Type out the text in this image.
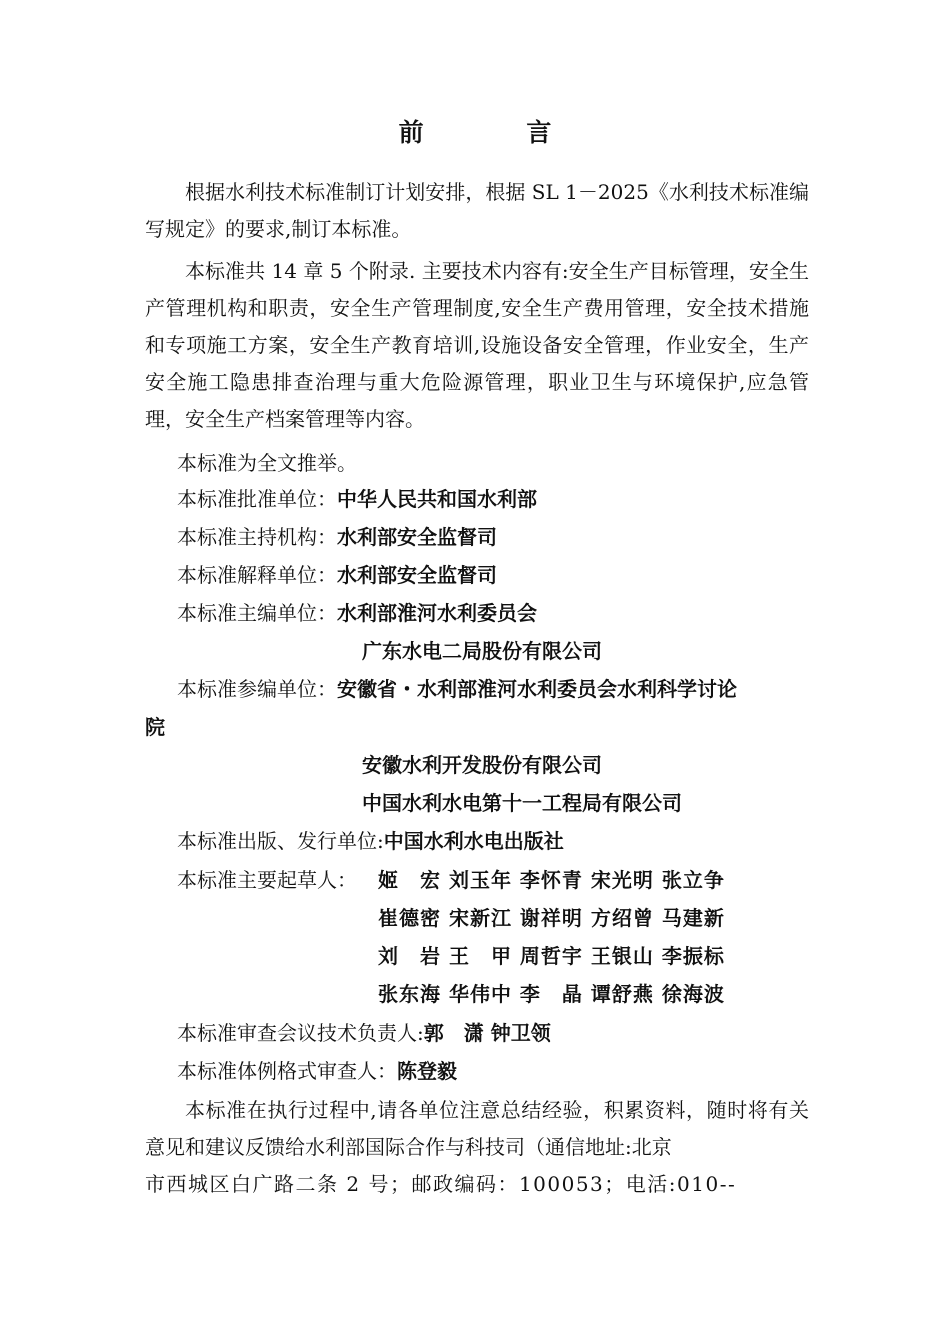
前 言
根据水利技术标准制订计划安排，根据 SL 1－2025《水利技术标准编写规定》的要求,制订本标准。
本标准共 14 章 5 个附录. 主要技术内容有:安全生产目标管理，安全生产管理机构和职责，安全生产管理制度,安全生产费用管理，安全技术措施和专项施工方案，安全生产教育培训,设施设备安全管理，作业安全，生产安全施工隐患排查治理与重大危险源管理，职业卫生与环境保护,应急管理，安全生产档案管理等内容。
本标准为全文推举。
本标准批准单位：中华人民共和国水利部
本标准主持机构：水利部安全监督司
本标准解释单位：水利部安全监督司
本标准主编单位：水利部淮河水利委员会
广东水电二局股份有限公司
本标准参编单位：安徽省・水利部淮河水利委员会水利科学讨论
院
安徽水利开发股份有限公司
中国水利水电第十一工程局有限公司
本标准出版、发行单位:中国水利水电出版社
本标准主要起草人： 姬　宏 刘玉年 李怀青 宋光明 张立争
崔德密 宋新江 谢祥明 方绍曾 马建新
刘　岩 王　甲 周哲宇 王银山 李振标
张东海 华伟中 李　晶 谭舒燕 徐海波
本标准审查会议技术负责人:郭　潇 钟卫领
本标准体例格式审查人：陈登毅
本标准在执行过程中,请各单位注意总结经验，积累资料，随时将有关意见和建议反馈给水利部国际合作与科技司（通信地址:北京
市西城区白广路二条 2 号；邮政编码：100053；电活:010--
